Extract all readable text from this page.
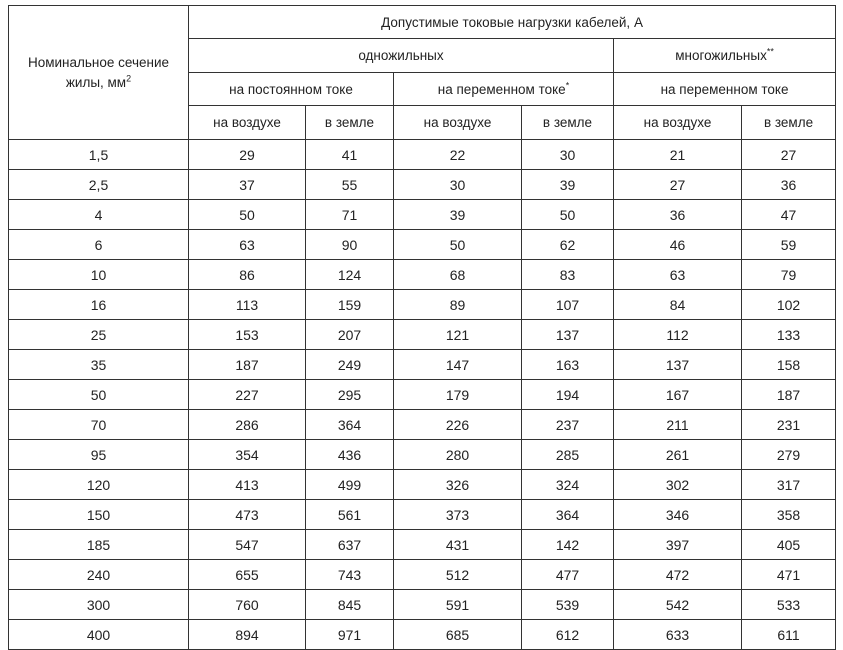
Номинальное сечение
жилы, $мм^2$	Допустимые токовые нагрузки кабелей, А					
	одножильных				многожильных**
	на постоянном токе		на переменном токе*		на переменном токе	
	на воздухе	в земле	на воздухе	в земле	на воздухе	в земле
1,5	29	41	22	30	21	27
2,5	37	55	30	39	27	36
4	50	71	39	50	36	47
6	63	90	50	62	46	59
10	86	124	68	83	63	79
16	113	159	89	107	84	102
25	153	207	121	137	112	133
35	187	249	147	163	137	158
50	227	295	179	194	167	187
70	286	364	226	237	211	231
95	354	436	280	285	261	279
120	413	499	326	324	302	317
150	473	561	373	364	346	358
185	547	637	431	142	397	405
240	655	743	512	477	472	471
300	760	845	591	539	542	533
400	894	971	685	612	633	611
